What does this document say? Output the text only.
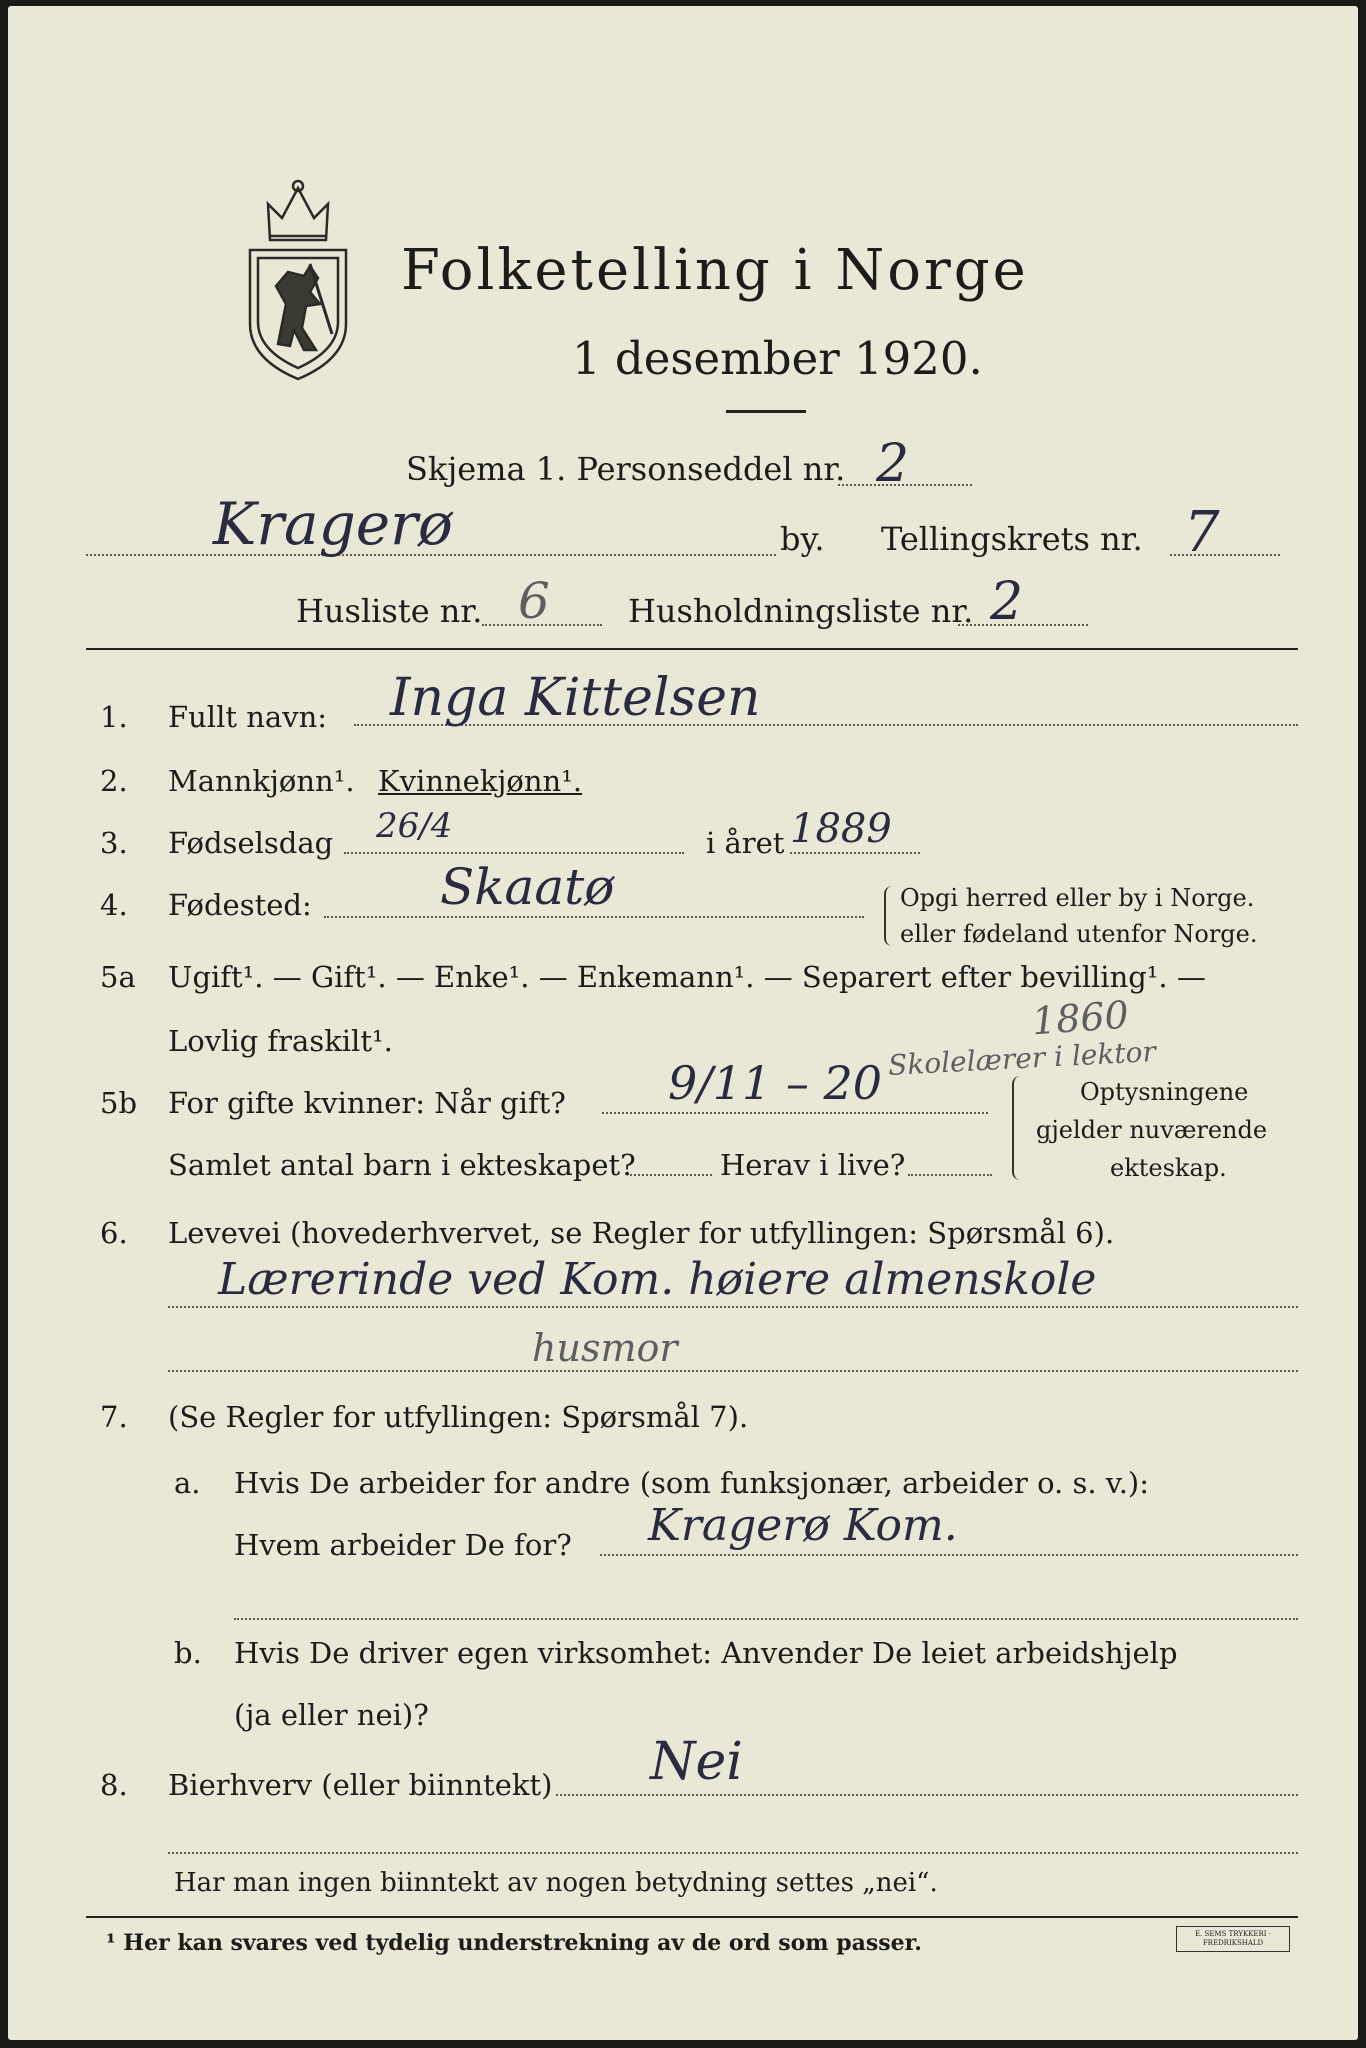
Folketelling i Norge
1 desember 1920.
Skjema 1. Personseddel nr. 2
Kragerø	by. Tellingskrets nr. 7
Husliste nr. 6 Husholdningsliste nr. 2
1. Fullt navn: Inga Kittelsen
2. Mannkjønn¹. Kvinnekjønn¹.
3. Fødselsdag 26/4	i året 1889
4. Fødested:	Skaatø	Opgi herred eller by i Norge.
eller fødeland utenfor Norge.
5a Ugift¹. — Gift¹. — Enke¹. — Enkemann¹. — Separert efter bevilling¹. —
Lovlig fraskilt¹.	1860
Skolelærer i lektor
5b For gifte kvinner: Når gift? 9/11 – 20
Samlet antal barn i ekteskapet?	Herav i live?
Optysningene
gjelder nuværende
ekteskap.
6. Levevei (hovederhvervet, se Regler for utfyllingen: Spørsmål 6).
Lærerinde ved Kom. høiere almenskole
husmor
7. (Se Regler for utfyllingen: Spørsmål 7).
a. Hvis De arbeider for andre (som funksjonær, arbeider o. s. v.):
Hvem arbeider De for? Kragerø Kom.
b. Hvis De driver egen virksomhet: Anvender De leiet arbeidshjelp
(ja eller nei)?
8. Bierhverv (eller biinntekt) Nei
Har man ingen biinntekt av nogen betydning settes „nei“.
¹ Her kan svares ved tydelig understrekning av de ord som passer.	E. SEMS TRYKKERI · FREDRIKSHALD
